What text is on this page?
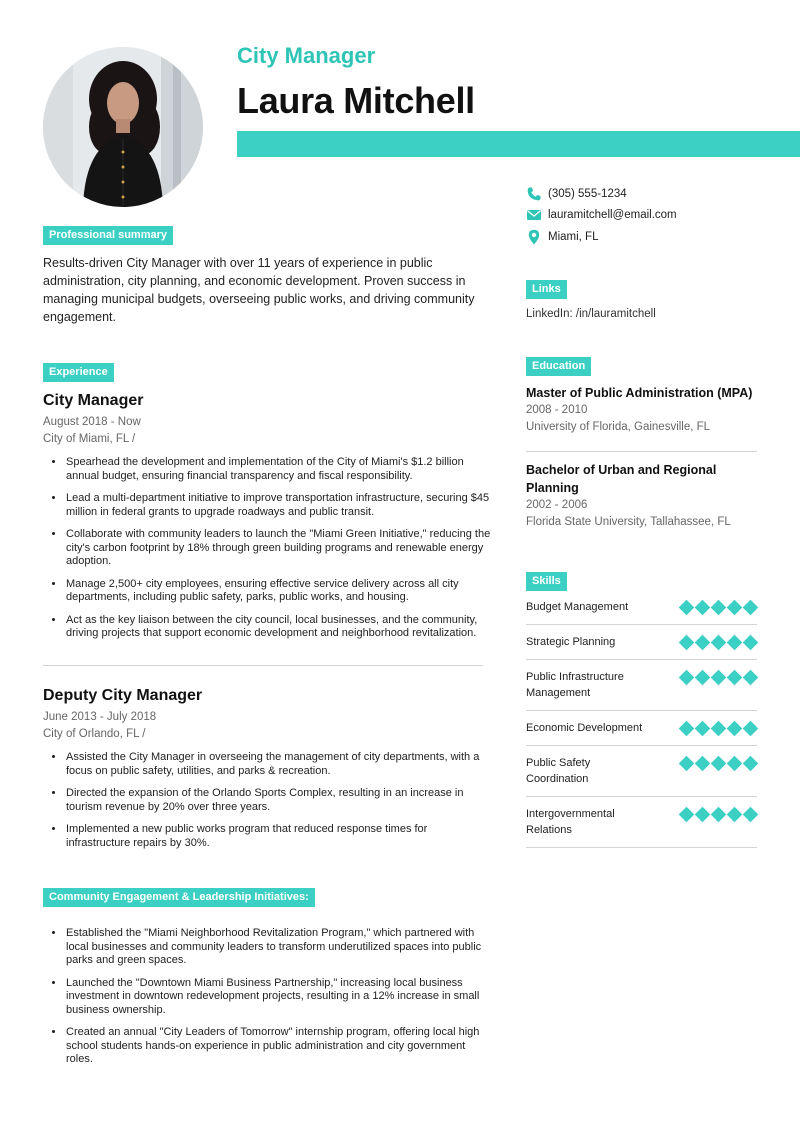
City Manager
Laura Mitchell
(305) 555-1234
lauramitchell@email.com
Miami, FL
Links
LinkedIn: /in/lauramitchell
Education
Master of Public Administration (MPA)
2008 - 2010
University of Florida, Gainesville, FL
Bachelor of Urban and Regional Planning
2002 - 2006
Florida State University, Tallahassee, FL
Skills
Budget Management
Strategic Planning
Public Infrastructure Management
Economic Development
Public Safety Coordination
Intergovernmental Relations
Professional summary
Results-driven City Manager with over 11 years of experience in public administration, city planning, and economic development. Proven success in managing municipal budgets, overseeing public works, and driving community engagement.
Experience
City Manager
August 2018 - Now
City of Miami, FL /
• Spearhead the development and implementation of the City of Miami's $1.2 billion annual budget, ensuring financial transparency and fiscal responsibility.
• Lead a multi-department initiative to improve transportation infrastructure, securing $45 million in federal grants to upgrade roadways and public transit.
• Collaborate with community leaders to launch the "Miami Green Initiative," reducing the city's carbon footprint by 18% through green building programs and renewable energy adoption.
• Manage 2,500+ city employees, ensuring effective service delivery across all city departments, including public safety, parks, public works, and housing.
• Act as the key liaison between the city council, local businesses, and the community, driving projects that support economic development and neighborhood revitalization.
Deputy City Manager
June 2013 - July 2018
City of Orlando, FL /
• Assisted the City Manager in overseeing the management of city departments, with a focus on public safety, utilities, and parks & recreation.
• Directed the expansion of the Orlando Sports Complex, resulting in an increase in tourism revenue by 20% over three years.
• Implemented a new public works program that reduced response times for infrastructure repairs by 30%.
Community Engagement & Leadership Initiatives:
• Established the "Miami Neighborhood Revitalization Program," which partnered with local businesses and community leaders to transform underutilized spaces into public parks and green spaces.
• Launched the "Downtown Miami Business Partnership," increasing local business investment in downtown redevelopment projects, resulting in a 12% increase in small business ownership.
• Created an annual "City Leaders of Tomorrow" internship program, offering local high school students hands-on experience in public administration and city government roles.
